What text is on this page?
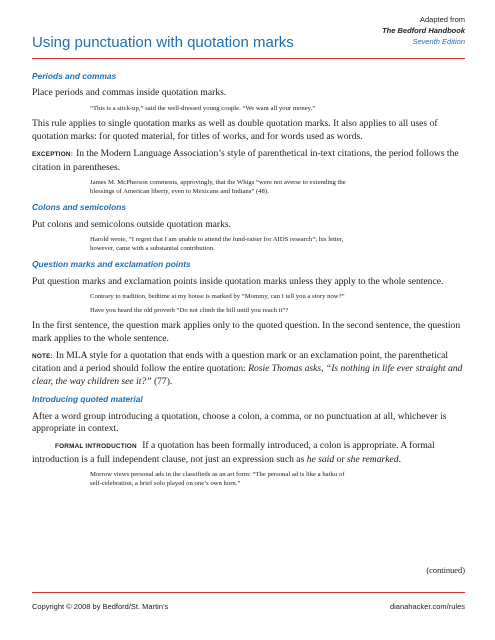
Using punctuation with quotation marks
Adapted from
The Bedford Handbook
Seventh Edition
Periods and commas

Place periods and commas inside quotation marks.

“This is a stick-up,” said the well-dressed young couple. “We want all your money.”

This rule applies to single quotation marks as well as double quotation marks. It also applies to all uses of quotation marks: for quoted material, for titles of works, and for words used as words.

EXCEPTION: In the Modern Language Association’s style of parenthetical in-text citations, the period follows the citation in parentheses.

James M. McPherson comments, approvingly, that the Whigs “were not averse to extending the blessings of American liberty, even to Mexicans and Indians” (48).
Colons and semicolons

Put colons and semicolons outside quotation marks.

Harold wrote, “I regret that I am unable to attend the fund-raiser for AIDS research”; his letter, however, came with a substantial contribution.
Question marks and exclamation points

Put question marks and exclamation points inside quotation marks unless they apply to the whole sentence.

Contrary to tradition, bedtime at my house is marked by “Mommy, can I tell you a story now?”
Have you heard the old proverb “Do not climb the hill until you reach it”?

In the first sentence, the question mark applies only to the quoted question. In the second sentence, the question mark applies to the whole sentence.

NOTE: In MLA style for a quotation that ends with a question mark or an exclamation point, the parenthetical citation and a period should follow the entire quotation: Rosie Thomas asks, “Is nothing in life ever straight and clear, the way children see it?” (77).

Introducing quoted material

After a word group introducing a quotation, choose a colon, a comma, or no punctuation at all, whichever is appropriate in context.

FORMAL INTRODUCTION If a quotation has been formally introduced, a colon is appropriate. A formal introduction is a full independent clause, not just an expression such as he said or she remarked.

Morrow views personal ads in the classifieds as an art form: “The personal ad is like a haiku of self-celebration, a brief solo played on one’s own horn.”
(continued)
Copyright © 2008 by Bedford/St. Martin’s	dianahacker.com/rules
